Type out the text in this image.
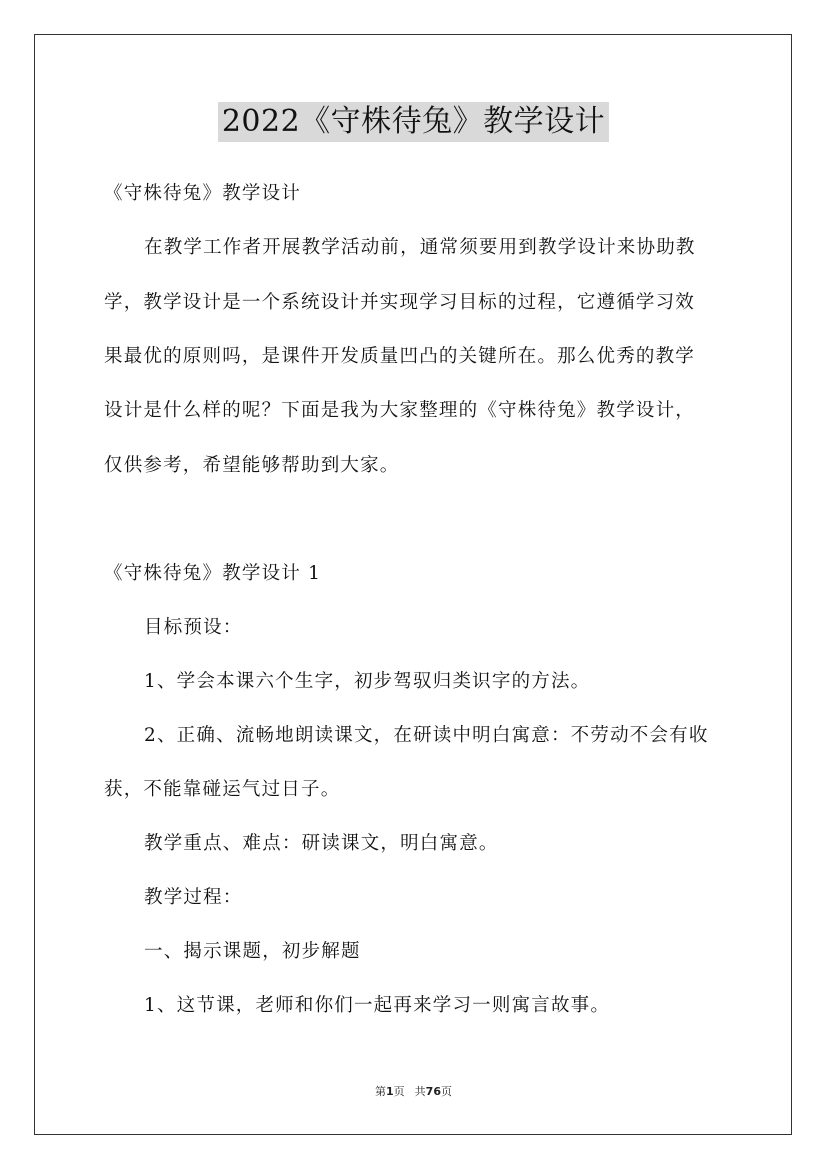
2022《守株待兔》教学设计
《守株待兔》教学设计
在教学工作者开展教学活动前，通常须要用到教学设计来协助教
学，教学设计是一个系统设计并实现学习目标的过程，它遵循学习效
果最优的原则吗，是课件开发质量凹凸的关键所在。那么优秀的教学
设计是什么样的呢？下面是我为大家整理的《守株待兔》教学设计，
仅供参考，希望能够帮助到大家。
《守株待兔》教学设计 1
目标预设：
1、学会本课六个生字，初步驾驭归类识字的方法。
2、正确、流畅地朗读课文，在研读中明白寓意：不劳动不会有收
获，不能靠碰运气过日子。
教学重点、难点：研读课文，明白寓意。
教学过程：
一、揭示课题，初步解题
1、这节课，老师和你们一起再来学习一则寓言故事。
第1页 共76页
